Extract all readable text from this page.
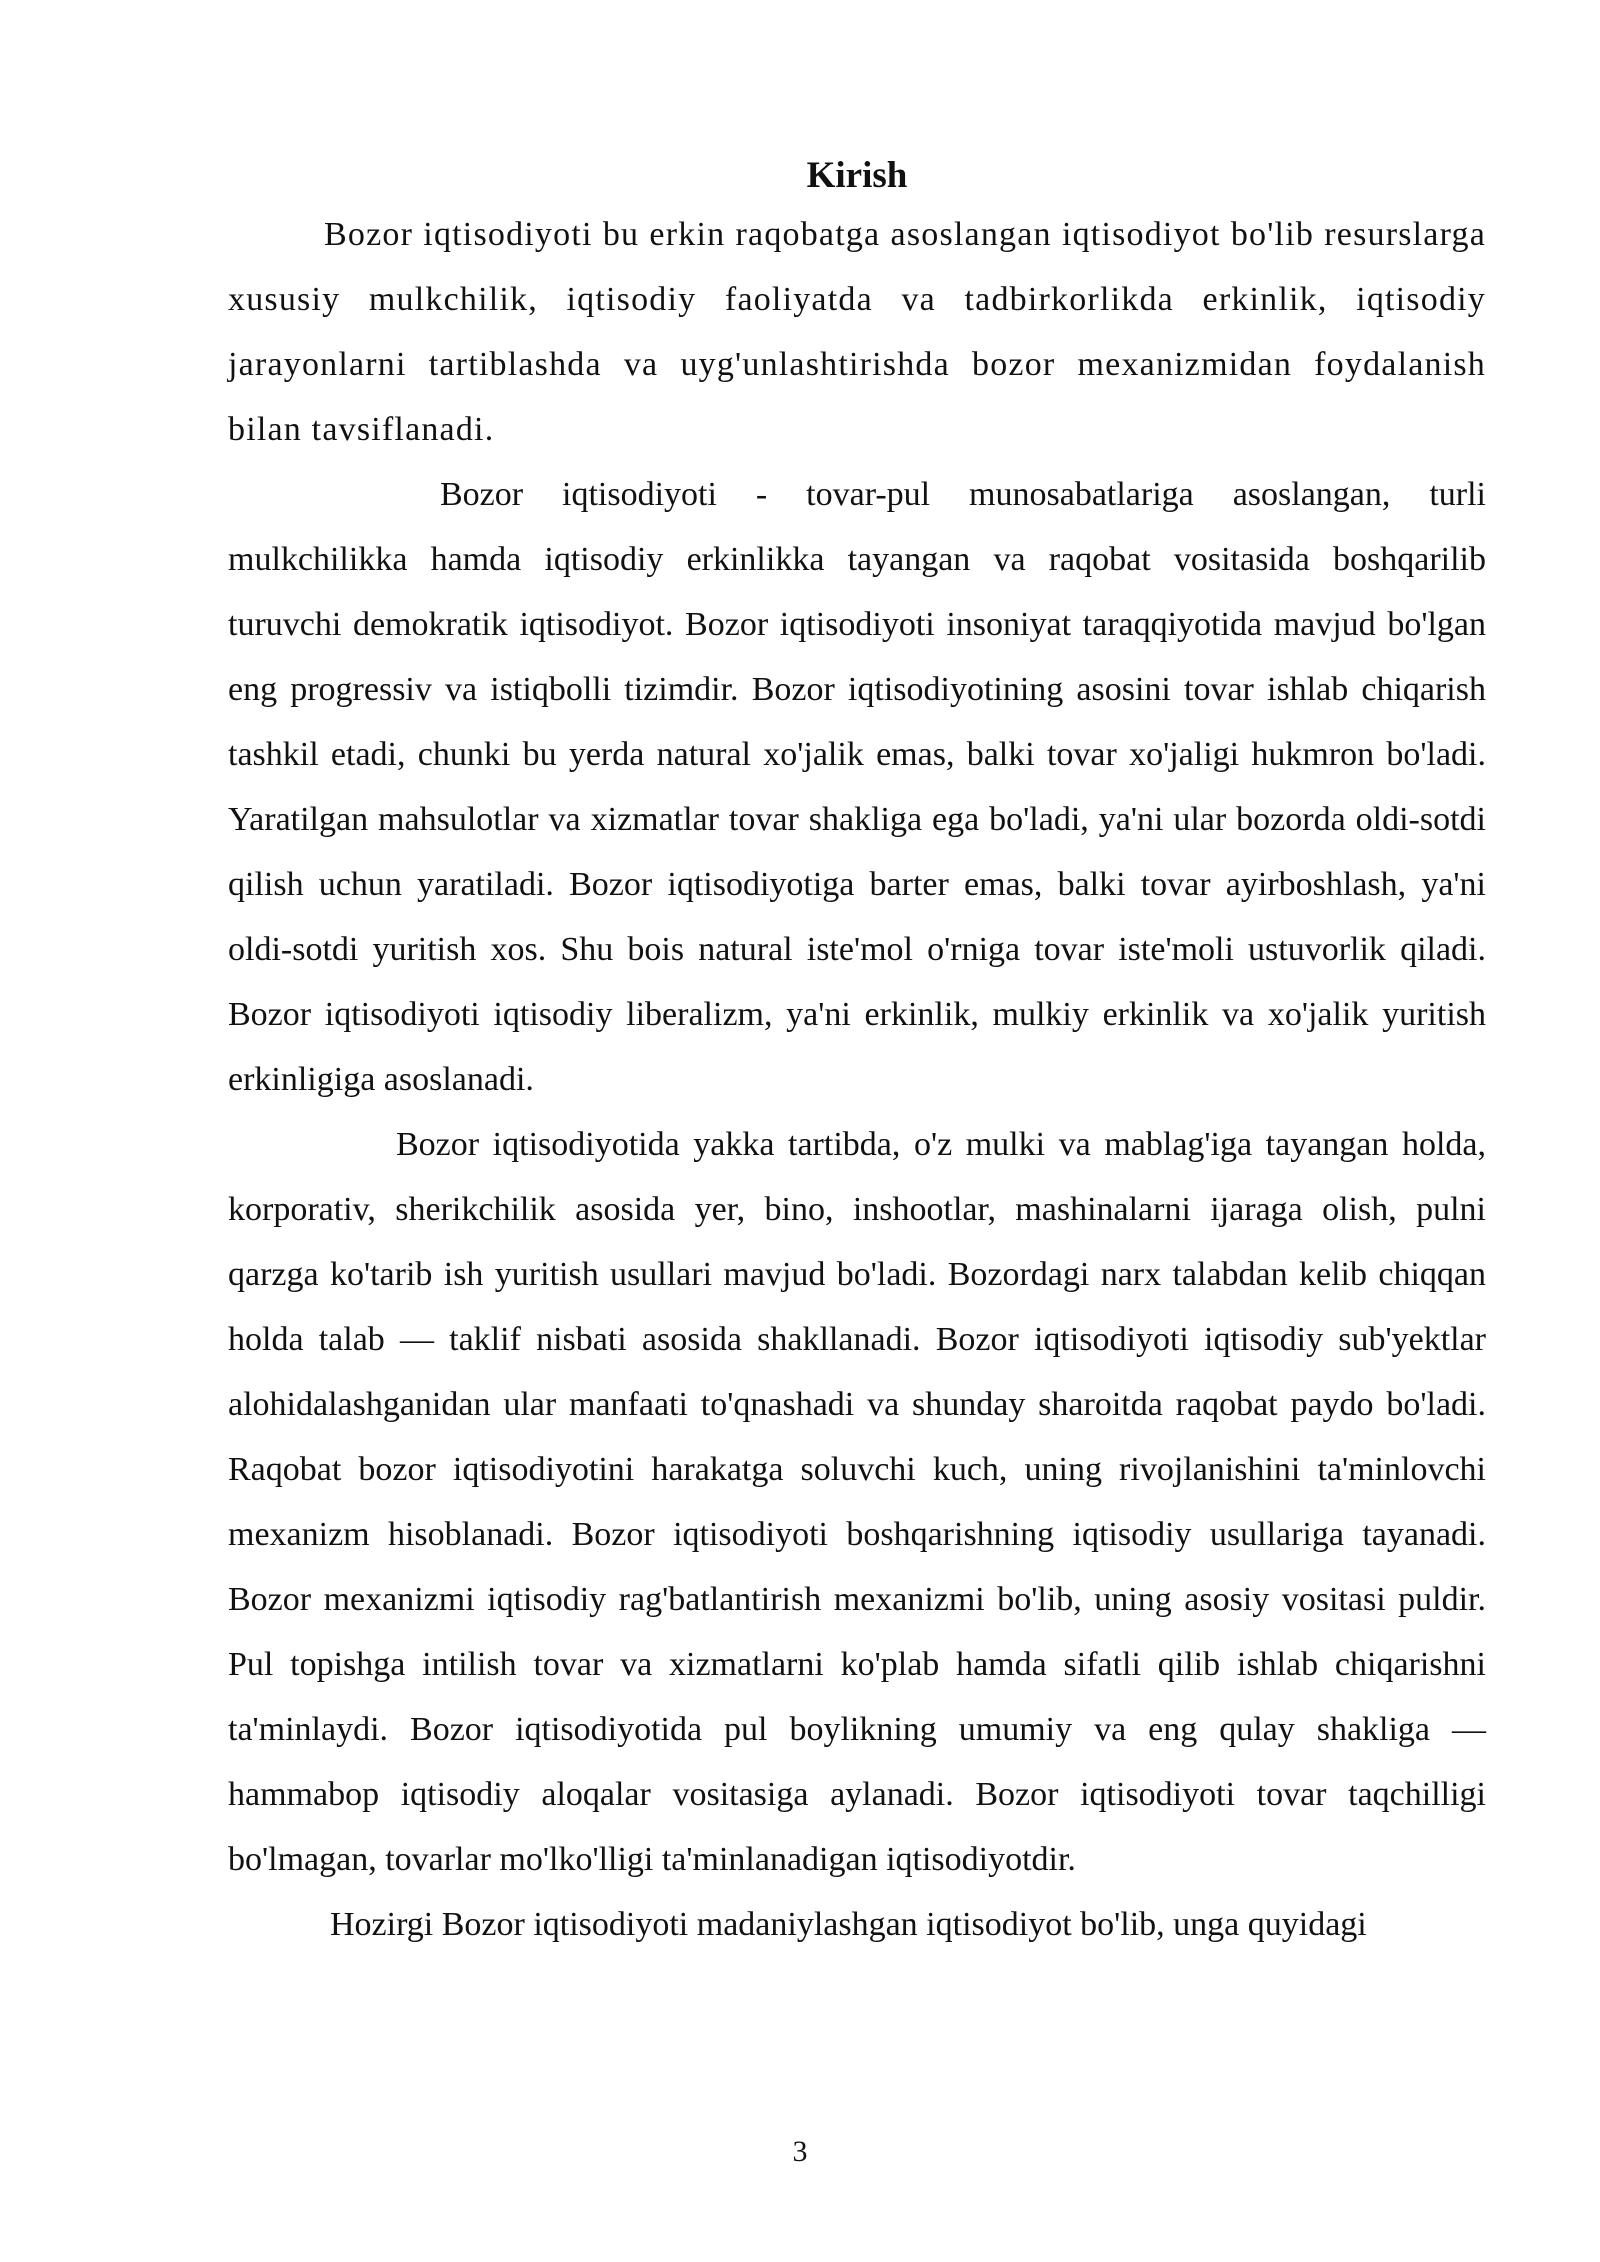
Kirish

Bozor iqtisodiyoti bu erkin raqobatga asoslangan iqtisodiyot bo'lib resurslarga xususiy mulkchilik, iqtisodiy faoliyatda va tadbirkorlikda erkinlik, iqtisodiy jarayonlarni tartiblashda va uyg'unlashtirishda bozor mexanizmidan foydalanish bilan tavsiflanadi.

Bozor iqtisodiyoti - tovar-pul munosabatlariga asoslangan, turli mulkchilikka hamda iqtisodiy erkinlikka tayangan va raqobat vositasida boshqarilib turuvchi demokratik iqtisodiyot. Bozor iqtisodiyoti insoniyat taraqqiyotida mavjud bo'lgan eng progressiv va istiqbolli tizimdir. Bozor iqtisodiyotining asosini tovar ishlab chiqarish tashkil etadi, chunki bu yerda natural xo'jalik emas, balki tovar xo'jaligi hukmron bo'ladi. Yaratilgan mahsulotlar va xizmatlar tovar shakliga ega bo'ladi, ya'ni ular bozorda oldi-sotdi qilish uchun yaratiladi. Bozor iqtisodiyotiga barter emas, balki tovar ayirboshlash, ya'ni oldi-sotdi yuritish xos. Shu bois natural iste'mol o'rniga tovar iste'moli ustuvorlik qiladi. Bozor iqtisodiyoti iqtisodiy liberalizm, ya'ni erkinlik, mulkiy erkinlik va xo'jalik yuritish erkinligiga asoslanadi.

Bozor iqtisodiyotida yakka tartibda, o'z mulki va mablag'iga tayangan holda, korporativ, sherikchilik asosida yer, bino, inshootlar, mashinalarni ijaraga olish, pulni qarzga ko'tarib ish yuritish usullari mavjud bo'ladi. Bozordagi narx talabdan kelib chiqqan holda talab — taklif nisbati asosida shakllanadi. Bozor iqtisodiyoti iqtisodiy sub'yektlar alohidalashganidan ular manfaati to'qnashadi va shunday sharoitda raqobat paydo bo'ladi. Raqobat bozor iqtisodiyotini harakatga soluvchi kuch, uning rivojlanishini ta'minlovchi mexanizm hisoblanadi. Bozor iqtisodiyoti boshqarishning iqtisodiy usullariga tayanadi. Bozor mexanizmi iqtisodiy rag'batlantirish mexanizmi bo'lib, uning asosiy vositasi puldir. Pul topishga intilish tovar va xizmatlarni ko'plab hamda sifatli qilib ishlab chiqarishni ta'minlaydi. Bozor iqtisodiyotida pul boylikning umumiy va eng qulay shakliga — hammabop iqtisodiy aloqalar vositasiga aylanadi. Bozor iqtisodiyoti tovar taqchilligi bo'lmagan, tovarlar mo'lko'lligi ta'minlanadigan iqtisodiyotdir.

Hozirgi Bozor iqtisodiyoti madaniylashgan iqtisodiyot bo'lib, unga quyidagi

3
